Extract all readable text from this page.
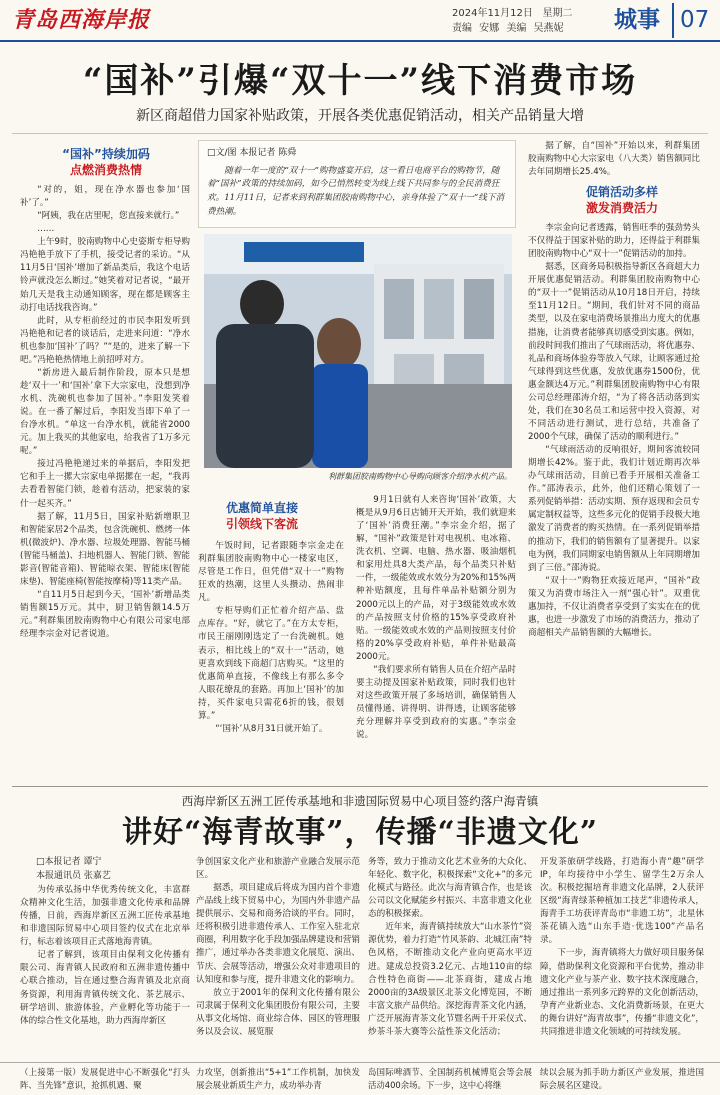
青岛西海岸报	2024年11月12日 星期二
责编 安娜 美编 吴燕妮 城事 07
“国补”引爆“双十一”线下消费市场
新区商超借力国家补贴政策，开展各类优惠促销活动，相关产品销量大增
“国补”持续加码
点燃消费热情

“对的，姐，现在净水器也参加‘国补’了。”

“阿姨，我在店里呢，您直接来就行。”

……

上午9时，胶南购物中心史姿斯专柜导购冯艳艳手放下了手机，接受记者的采访。“从11月5日‘国补’增加了新品类后，我这个电话铃声就没怎么断过。”她笑着对记者说，“最开始几天是我主动通知顾客，现在都是顾客主动打电话找我咨询。”

此时，从专柜前经过的市民李阳发听到冯艳艳和记者的谈话后，走进来问道：“净水机也参加‘国补’了吗？”“是的，进来了解一下吧。”冯艳艳热情地上前招呼对方。

“新房进入最后制作阶段，原本只是想趁‘双十一’和‘国补’拿下大宗家电，没想到净水机、洗碗机也参加了国补。”李阳发笑着说。在一番了解过后，李阳发当即下单了一台净水机。“单这一台净水机，就能省2000元。加上我买的其他家电，给我省了1万多元呢。”

接过冯艳艳递过来的单据后，李阳发把它和手上一摞大宗家电单据摞在一起，“我再去看看智能门锁，趁着有活动，把家装的家什一起买齐。”

据了解，11月5日，国家补贴新增职卫和智能家居2个品类，包含洗碗机、燃烤一体机(微波炉)、净水器、垃圾处理器、智能马桶(智能马桶盖)、扫地机器人、智能门锁、智能影音(智能音箱)、智能晾衣架、智能床(智能床垫)、智能座椅(智能按摩椅)等11类产品。

“自11月5日起到今天，‘国补’新增品类销售额15万元。其中，厨卫销售额14.5万元。”利群集团胶南购物中心有限公司家电部经理李宗金对记者说道。

□文/图 本报记者 陈舜
随着一年一度的“双十一”购物盛宴开启，这一看日电商平台的购物节，随着“国补”政策的持续加码，如今已悄然转变为线上线下共同参与的全民消费狂欢。11月11日，记者来到利群集团胶南购物中心，亲身体验了“双十一”线下消费热潮。
利群集团胶南购物中心导购向顾客介绍净水机产品。
优惠简单直接
引领线下客流

午饭时间，记者跟随李宗金走在利群集团胶南购物中心一楼家电区，尽管是工作日，但凭借“双十一”购物狂欢的热潮，这里人头攒动、热闹非凡。

专柜导购们正忙着介绍产品、盘点库存。“好，就它了。”在方太专柜，市民王丽刚刚选定了一台洗碗机。她表示，相比线上的“双十一”活动，她更喜欢到线下商超门店购买。“这里的优惠简单直接，不像线上有那么多令人眼花缭乱的套路。再加上‘国补’的加持，买件家电只需花6折的钱，很划算。”

“‘国补’从8月31日就开始了。

9月1日就有人来咨询‘国补’政策，大概是从9月6日店铺开天开始，我们就迎来了‘国补’消费狂潮。”李宗金介绍，据了解，“国补”政策是针对电视机、电冰箱、洗衣机、空调、电脑、热水器、吸油烟机和家用灶具8大类产品，每个品类只补贴一件，一级能效或水效分为20%和15%两种补贴额度，且每件单品补贴额分别为2000元以上的产品，对于3级能效或水效的产品按照支付价格的15%享受政府补贴。一级能效或水效的产品则按照支付价格的20%享受政府补贴，单件补贴最高2000元。

“我们要求所有销售人员在介绍产品时要主动提及国家补贴政策，同时我们也针对这些政策开展了多场培训，确保销售人员懂得通、讲得明、讲得透，让顾客能够充分理解并享受到政府的实惠。”李宗金说。

据了解，自“国补”开始以来，利群集团胶南购物中心大宗家电（八大类）销售额同比去年同期增长25.4%。

促销活动多样
激发消费活力

李宗金向记者透露，销售旺季的强劲势头不仅得益于国家补贴的助力，还得益于利群集团胶南购物中心“双十一”促销活动的加持。

据悉，区商务局积极指导新区各商超大力开展优惠促销活动。利群集团胶南购物中心的“双十一”促销活动从10月18日开启，持续至11月12日。“期间，我们针对不同的商品类型，以及在家电消费场景推出力度大的优惠措施，让消费者能够真切感受到实惠。例如，前段时间我们推出了气球雨活动，将优惠券、礼品和商场体验券等放入气球，让顾客通过抢气球得到这些优惠，发放优惠券1500份，优惠金额达4万元。”利群集团胶南购物中心有限公司总经理邵涛介绍，“为了将各活动落到实处，我们在30名员工和运营中投入资源，对不同活动进行测试，进行总结，共准备了2000个气球，确保了活动的顺利进行。”

“气球雨活动的反响很好，期间客流较同期增长42%。鉴于此，我们计划近期再次举办气球雨活动，目前已看手开展相关准备工作。”邵涛表示，此外，他们还精心策划了一系列促销举措：活动实期、预存返现和会员专属定制权益等，这些多元化的促销手段极大地激发了消费者的购买热情。在一系列促销举措的推动下，我们的销售额有了显著提升。以家电为例，我们同期家电销售额从上年同期增加到了三倍。”邵涛说。

“双十一”购物狂欢接近尾声，“国补”政策又为消费市场注入一剂“强心针”。双重优惠加持，不仅让消费者享受到了实实在在的优惠，也进一步激发了市场的消费活力，推动了商超相关产品销售额的大幅增长。

西海岸新区五洲工匠传承基地和非遗国际贸易中心项目签约落户海青镇
讲好“海青故事”，传播“非遗文化”
□本报记者 谭宁
本报通讯员 张嘉艺

为传承弘扬中华优秀传统文化，丰富群众精神文化生活，加强非遗文化传承和品牌传播，日前，西海岸新区五洲工匠传承基地和非遗国际贸易中心项目签约仪式在北京举行，标志着该项目正式落地海青镇。

记者了解到，该项目由保利文化传播有限公司、海青镇人民政府和五洲非遗传播中心联合推动，旨在通过整合海青镇及北京商务资源，利用海青镇传统文化、茶艺展示、研学培训、旅游体验，产业孵化等功能于一体的综合性文化基地，助力西海岸新区

争创国家文化产业和旅游产业融合发展示范区。

据悉，项目建成后将成为国内首个非遗产品线上线下贸易中心，为国内外非遗产品提供展示、交易和商务洽谈的平台。同时，还将积极引进非遗传承人、工作室入驻北京商圈，利用数字化手段加强品牌建设和营销推广，通过举办各类非遗文化展览、演出、节庆、会展等活动，增强公众对非遗项目的认知度和参与度，提升非遗文化的影响力。

放立于2001年的保利文化传播有限公司隶属于保利文化集团股份有限公司，主要从事文化场馆、商业综合体、园区的管理服务以及会议、展览服

务等，致力于推动文化艺术业务的大众化、年轻化、数字化，积极探索“文化+”的多元化模式与路径。此次与海青镇合作，也是该公司以文化赋能乡村振兴、丰富非遗文化业态的积极探索。

近年来，海青镇持续放大“山水茶竹”资源优势，着力打造“竹风茶韵、北城江南”特色风格，不断推动文化产业向更高水平迈进。建成总投资3.2亿元、占地110亩的综合性特色商街——北茶商街，建成占地2000亩的3A级景区北茶文化博览园，不断丰富文旅产品供给。深挖海青茶文化内涵，广泛开展海青茶文化节暨名两千开采仪式、炒茶斗茶大赛等公益性茶文化活动；

开发茶旅研学线路，打造海小青“趣”研学IP，年均接待中小学生、留学生2万余人次。积极挖掘培育非遗文化品牌，2人获评区级“海青绿茶种植加工技艺”非遗传承人，海青手工坊获评青岛市“非遗工坊”，北星休茶花镇入选“山东手造·优选100”产品名录。

下一步，海青镇将大力做好项目服务保障，借助保利文化资源和平台优势，推动非遗文化产业与茶产业、数字技术深度融合，通过推出一系列多元跨界的文化创新活动，孕育产业新业态、文化消费新场景，在更大的舞台讲好“海青故事”，传播“非遗文化”，共同推进非遗文化领域的可持续发展。

（上接第一版）发展促进中心不断强化“打头阵、当先锋”意识，抢抓机遇、聚
力攻坚，创新推出“5+1”工作机制，加快发展会展业新质生产力，成功举办青
岛国际啤酒节、全国制药机械博览会等会展活动400余场。下一步，这中心将继
续以会展为抓手助力新区产业发展，推进国际会展名区建设。
